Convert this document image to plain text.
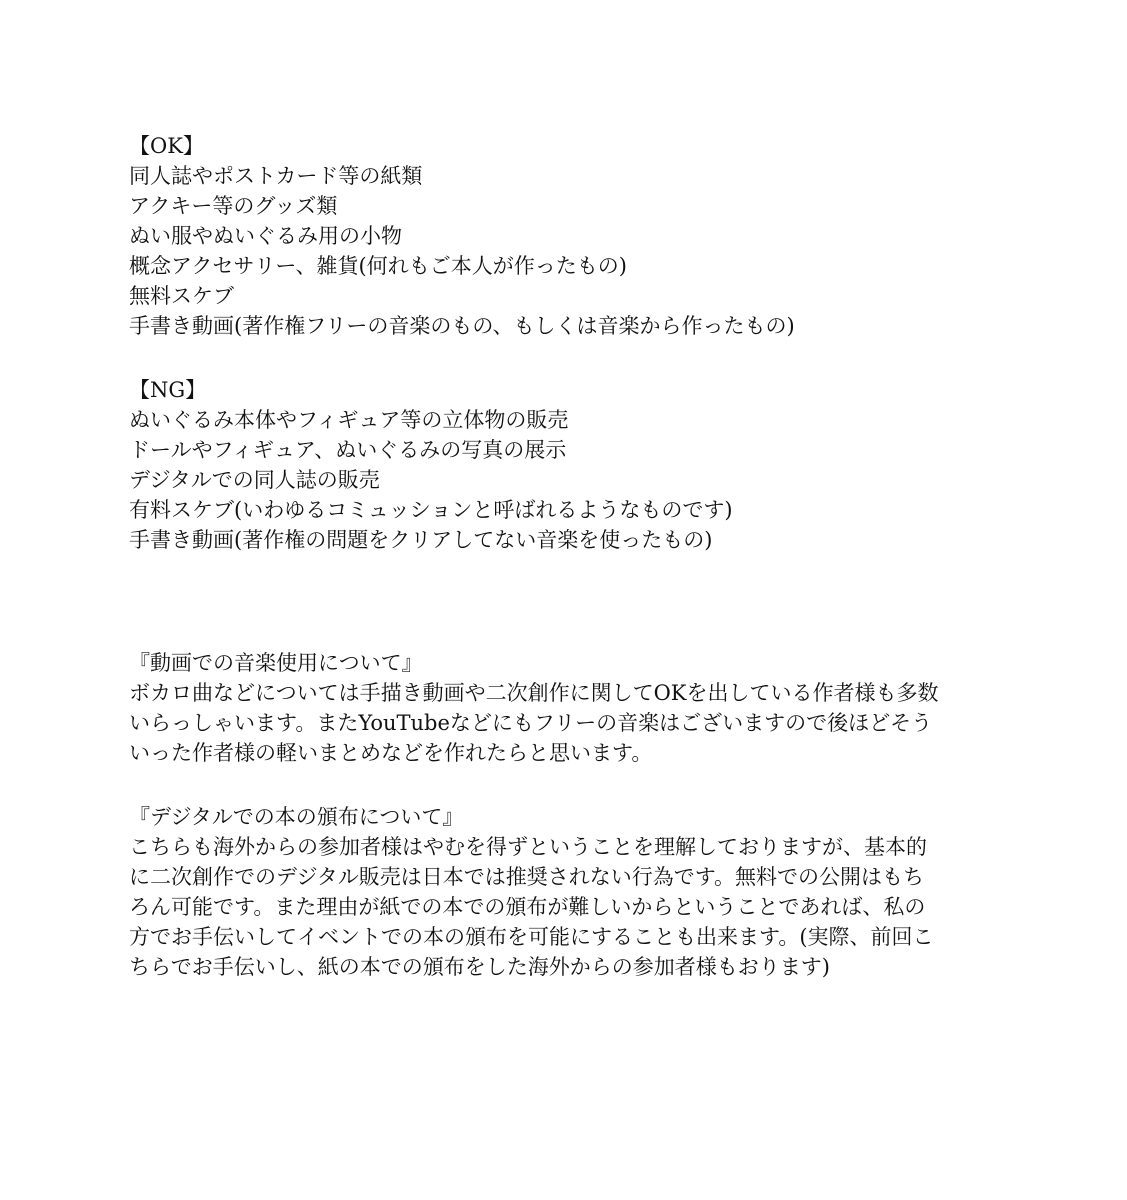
【OK】

同人誌やポストカード等の紙類

アクキー等のグッズ類

ぬい服やぬいぐるみ用の小物

概念アクセサリー、雑貨(何れもご本人が作ったもの)

無料スケブ

手書き動画(著作権フリーの音楽のもの、もしくは音楽から作ったもの)

【NG】

ぬいぐるみ本体やフィギュア等の立体物の販売

ドールやフィギュア、ぬいぐるみの写真の展示

デジタルでの同人誌の販売

有料スケブ(いわゆるコミュッションと呼ばれるようなものです)

手書き動画(著作権の問題をクリアしてない音楽を使ったもの)

『動画での音楽使用について』

ボカロ曲などについては手描き動画や二次創作に関してOKを出している作者様も多数

いらっしゃいます。またYouTubeなどにもフリーの音楽はございますので後ほどそう

いった作者様の軽いまとめなどを作れたらと思います。

『デジタルでの本の頒布について』

こちらも海外からの参加者様はやむを得ずということを理解しておりますが、基本的

に二次創作でのデジタル販売は日本では推奨されない行為です。無料での公開はもち

ろん可能です。また理由が紙での本での頒布が難しいからということであれば、私の

方でお手伝いしてイベントでの本の頒布を可能にすることも出来ます。(実際、前回こ

ちらでお手伝いし、紙の本での頒布をした海外からの参加者様もおります)
